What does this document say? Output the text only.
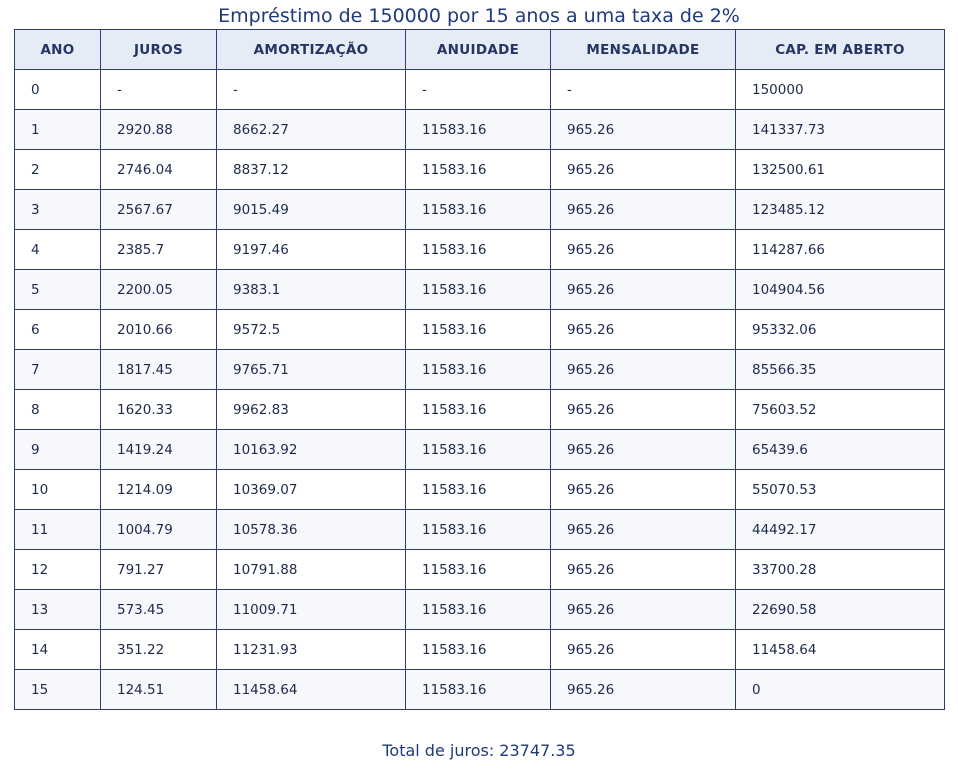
Empréstimo de 150000 por 15 anos a uma taxa de 2%
ANO	JUROS	AMORTIZAÇÃO	ANUIDADE	MENSALIDADE	CAP. EM ABERTO
0	-	-	-	-	150000
1	2920.88	8662.27	11583.16	965.26	141337.73
2	2746.04	8837.12	11583.16	965.26	132500.61
3	2567.67	9015.49	11583.16	965.26	123485.12
4	2385.7	9197.46	11583.16	965.26	114287.66
5	2200.05	9383.1	11583.16	965.26	104904.56
6	2010.66	9572.5	11583.16	965.26	95332.06
7	1817.45	9765.71	11583.16	965.26	85566.35
8	1620.33	9962.83	11583.16	965.26	75603.52
9	1419.24	10163.92	11583.16	965.26	65439.6
10	1214.09	10369.07	11583.16	965.26	55070.53
11	1004.79	10578.36	11583.16	965.26	44492.17
12	791.27	10791.88	11583.16	965.26	33700.28
13	573.45	11009.71	11583.16	965.26	22690.58
14	351.22	11231.93	11583.16	965.26	11458.64
15	124.51	11458.64	11583.16	965.26	0
Total de juros: 23747.35
